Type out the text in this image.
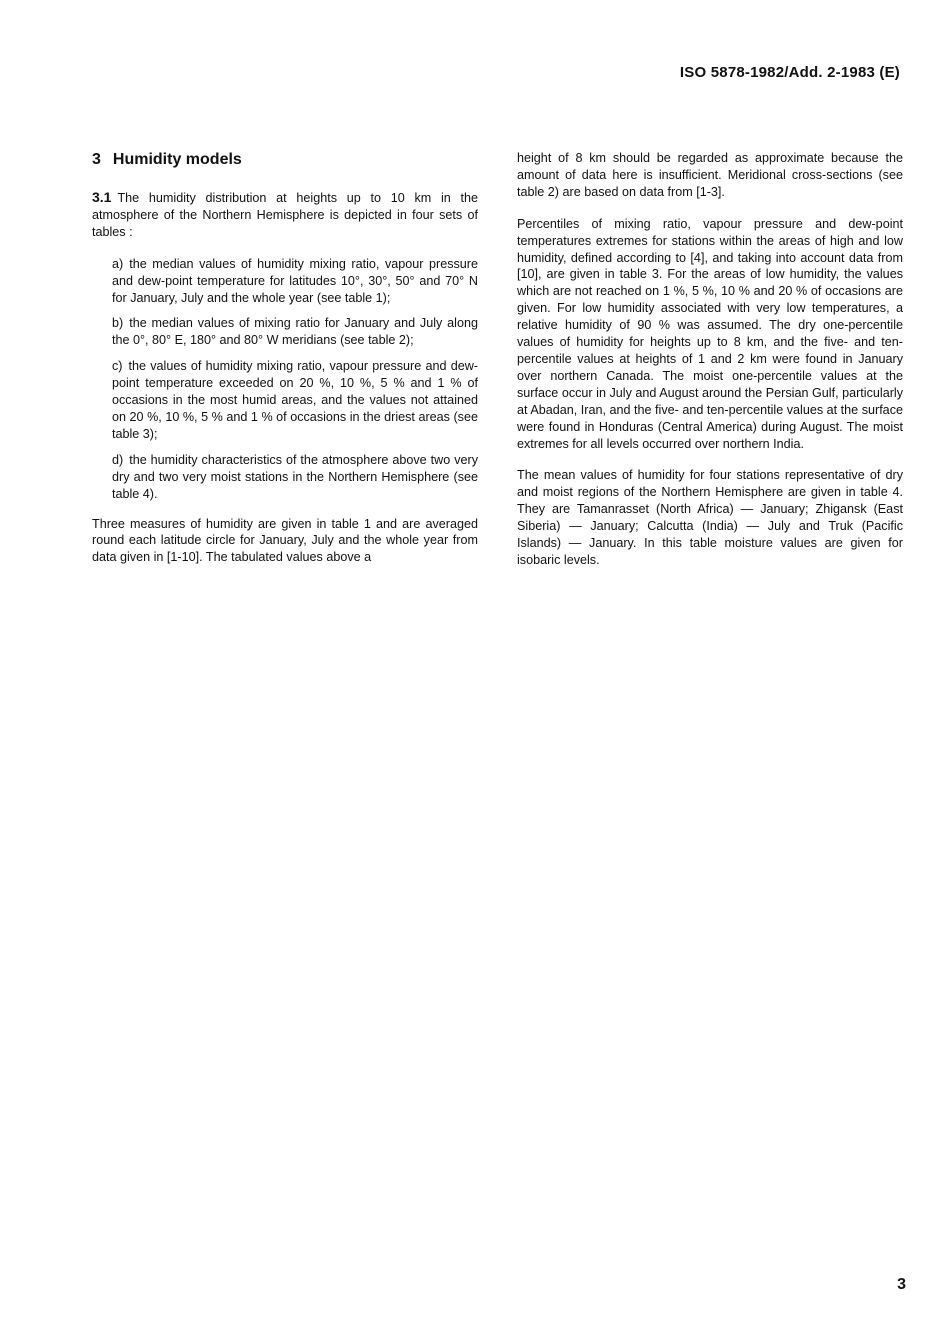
ISO 5878-1982/Add. 2-1983 (E)
3 Humidity models

3.1 The humidity distribution at heights up to 10 km in the atmosphere of the Northern Hemisphere is depicted in four sets of tables :

a) the median values of humidity mixing ratio, vapour pressure and dew-point temperature for latitudes 10°, 30°, 50° and 70° N for January, July and the whole year (see table 1);

b) the median values of mixing ratio for January and July along the 0°, 80° E, 180° and 80° W meridians (see table 2);

c) the values of humidity mixing ratio, vapour pressure and dew-point temperature exceeded on 20 %, 10 %, 5 % and 1 % of occasions in the most humid areas, and the values not attained on 20 %, 10 %, 5 % and 1 % of occasions in the driest areas (see table 3);

d) the humidity characteristics of the atmosphere above two very dry and two very moist stations in the Northern Hemisphere (see table 4).

Three measures of humidity are given in table 1 and are averaged round each latitude circle for January, July and the whole year from data given in [1-10]. The tabulated values above a

height of 8 km should be regarded as approximate because the amount of data here is insufficient. Meridional cross-sections (see table 2) are based on data from [1-3].

Percentiles of mixing ratio, vapour pressure and dew-point temperatures extremes for stations within the areas of high and low humidity, defined according to [4], and taking into account data from [10], are given in table 3. For the areas of low humidity, the values which are not reached on 1 %, 5 %, 10 % and 20 % of occasions are given. For low humidity associated with very low temperatures, a relative humidity of 90 % was assumed. The dry one-percentile values of humidity for heights up to 8 km, and the five- and ten-percentile values at heights of 1 and 2 km were found in January over northern Canada. The moist one-percentile values at the surface occur in July and August around the Persian Gulf, particularly at Abadan, Iran, and the five- and ten-percentile values at the surface were found in Honduras (Central America) during August. The moist extremes for all levels occurred over northern India.

The mean values of humidity for four stations representative of dry and moist regions of the Northern Hemisphere are given in table 4. They are Tamanrasset (North Africa) — January; Zhigansk (East Siberia) — January; Calcutta (India) — July and Truk (Pacific Islands) — January. In this table moisture values are given for isobaric levels.

3
